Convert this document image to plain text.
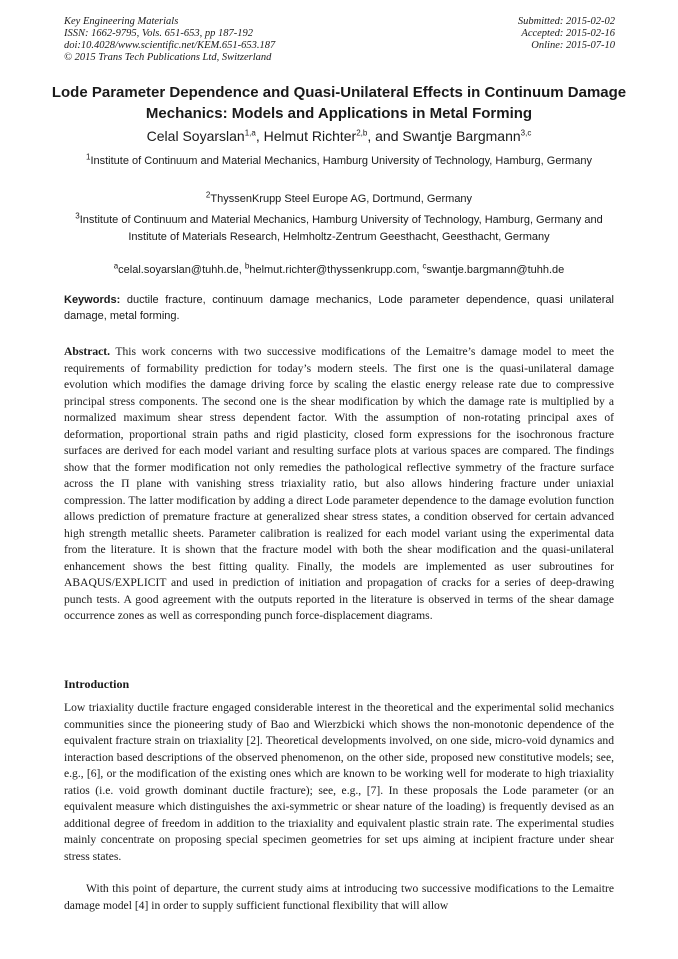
Key Engineering Materials
ISSN: 1662-9795, Vols. 651-653, pp 187-192
doi:10.4028/www.scientific.net/KEM.651-653.187
© 2015 Trans Tech Publications Ltd, Switzerland
Submitted: 2015-02-02
Accepted: 2015-02-16
Online: 2015-07-10
Lode Parameter Dependence and Quasi-Unilateral Effects in Continuum Damage Mechanics: Models and Applications in Metal Forming
Celal Soyarslan$^{1,a}$, Helmut Richter$^{2,b}$, and Swantje Bargmann$^{3,c}$
$^1$Institute of Continuum and Material Mechanics, Hamburg University of Technology, Hamburg, Germany
$^2$ThyssenKrupp Steel Europe AG, Dortmund, Germany
$^3$Institute of Continuum and Material Mechanics, Hamburg University of Technology, Hamburg, Germany and Institute of Materials Research, Helmholtz-Zentrum Geesthacht, Geesthacht, Germany
$^a$celal.soyarslan@tuhh.de, $^b$helmut.richter@thyssenkrupp.com, $^c$swantje.bargmann@tuhh.de
Keywords: ductile fracture, continuum damage mechanics, Lode parameter dependence, quasi unilateral damage, metal forming.
Abstract. This work concerns with two successive modifications of the Lemaitre’s damage model to meet the requirements of formability prediction for today’s modern steels. The first one is the quasi-unilateral damage evolution which modifies the damage driving force by scaling the elastic energy release rate due to compressive principal stress components. The second one is the shear modification by which the damage rate is multiplied by a normalized maximum shear stress dependent factor. With the assumption of non-rotating principal axes of deformation, proportional strain paths and rigid plasticity, closed form expressions for the isochronous fracture surfaces are derived for each model variant and resulting surface plots at various spaces are compared. The findings show that the former modification not only remedies the pathological reflective symmetry of the fracture surface across the Π plane with vanishing stress triaxiality ratio, but also allows hindering fracture under uniaxial compression. The latter modification by adding a direct Lode parameter dependence to the damage evolution function allows prediction of premature fracture at generalized shear stress states, a condition observed for certain advanced high strength metallic sheets. Parameter calibration is realized for each model variant using the experimental data from the literature. It is shown that the fracture model with both the shear modification and the quasi-unilateral enhancement shows the best fitting quality. Finally, the models are implemented as user subroutines for ABAQUS/EXPLICIT and used in prediction of initiation and propagation of cracks for a series of deep-drawing punch tests. A good agreement with the outputs reported in the literature is observed in terms of the shear damage occurrence zones as well as corresponding punch force-displacement diagrams.
Introduction
Low triaxiality ductile fracture engaged considerable interest in the theoretical and the experimental solid mechanics communities since the pioneering study of Bao and Wierzbicki which shows the non-monotonic dependence of the equivalent fracture strain on triaxiality [2]. Theoretical developments involved, on one side, micro-void dynamics and interaction based descriptions of the observed phenomenon, on the other side, proposed new constitutive models; see, e.g., [6], or the modification of the existing ones which are known to be working well for moderate to high triaxiality ratios (i.e. void growth dominant ductile fracture); see, e.g., [7]. In these proposals the Lode parameter (or an equivalent measure which distinguishes the axi-symmetric or shear nature of the loading) is frequently devised as an additional degree of freedom in addition to the triaxiality and equivalent plastic strain rate. The experimental studies mainly concentrate on proposing special specimen geometries for set ups aiming at incipient fracture under shear stress states.
With this point of departure, the current study aims at introducing two successive modifications to the Lemaitre damage model [4] in order to supply sufficient functional flexibility that will allow
